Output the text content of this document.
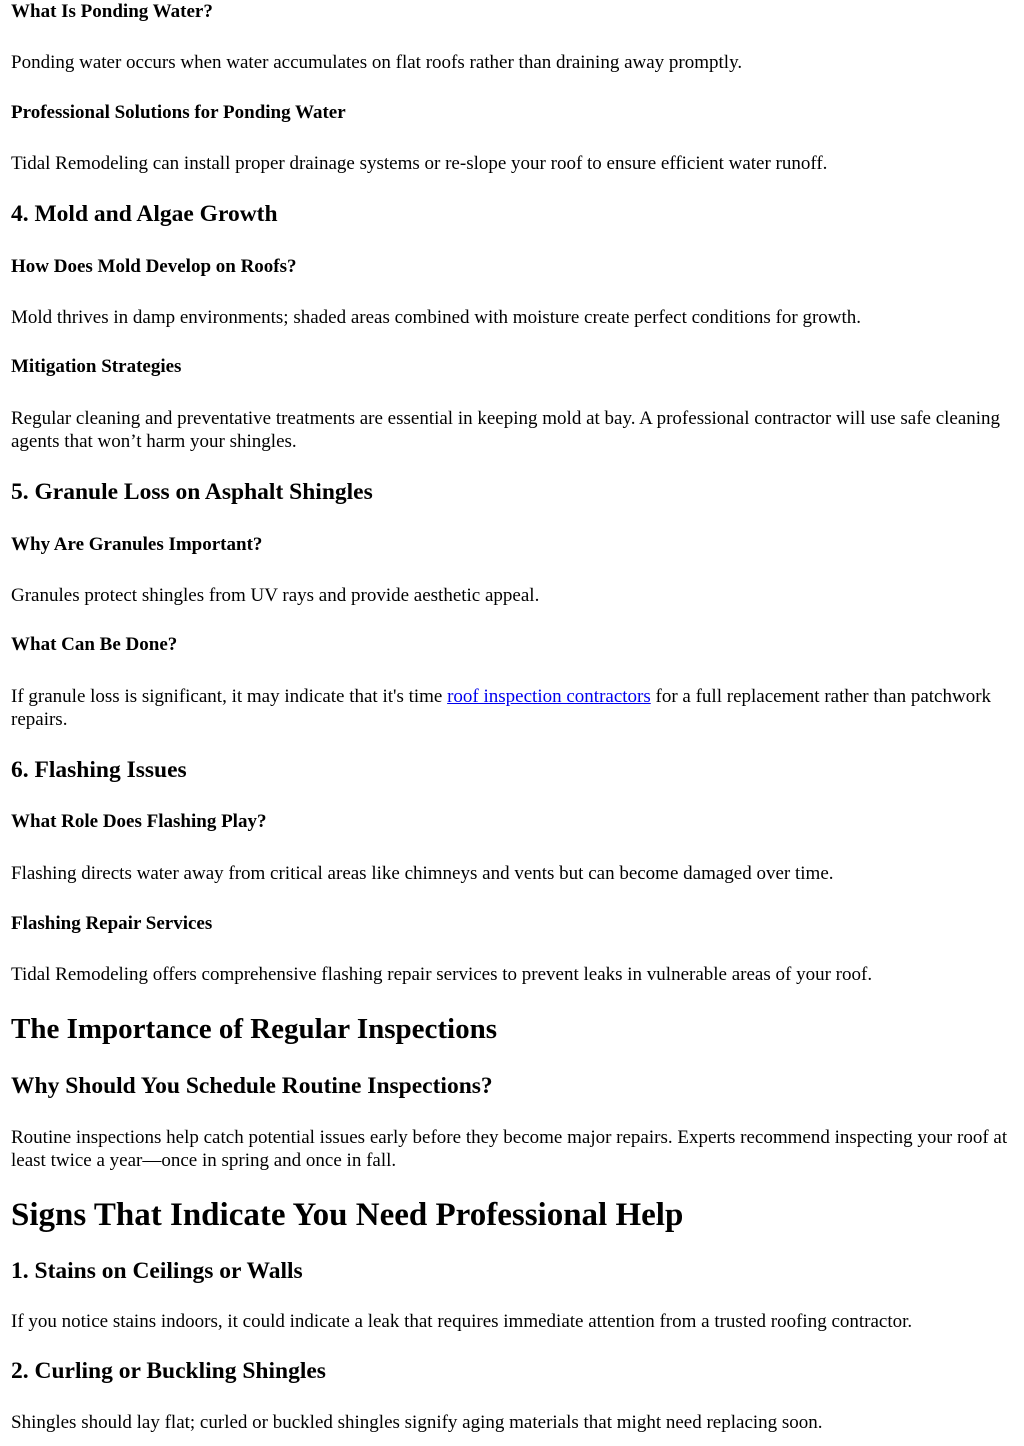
What Is Ponding Water?

Ponding water occurs when water accumulates on flat roofs rather than draining away promptly.

Professional Solutions for Ponding Water

Tidal Remodeling can install proper drainage systems or re-slope your roof to ensure efficient water runoff.

4. Mold and Algae Growth
How Does Mold Develop on Roofs?

Mold thrives in damp environments; shaded areas combined with moisture create perfect conditions for growth.

Mitigation Strategies

Regular cleaning and preventative treatments are essential in keeping mold at bay. A professional contractor will use safe cleaning agents that won’t harm your shingles.

5. Granule Loss on Asphalt Shingles
Why Are Granules Important?

Granules protect shingles from UV rays and provide aesthetic appeal.

What Can Be Done?

If granule loss is significant, it may indicate that it's time roof inspection contractors for a full replacement rather than patchwork repairs.

6. Flashing Issues
What Role Does Flashing Play?

Flashing directs water away from critical areas like chimneys and vents but can become damaged over time.

Flashing Repair Services

Tidal Remodeling offers comprehensive flashing repair services to prevent leaks in vulnerable areas of your roof.

The Importance of Regular Inspections
Why Should You Schedule Routine Inspections?

Routine inspections help catch potential issues early before they become major repairs. Experts recommend inspecting your roof at least twice a year—once in spring and once in fall.

Signs That Indicate You Need Professional Help
1. Stains on Ceilings or Walls

If you notice stains indoors, it could indicate a leak that requires immediate attention from a trusted roofing contractor.

2. Curling or Buckling Shingles

Shingles should lay flat; curled or buckled shingles signify aging materials that might need replacing soon.
